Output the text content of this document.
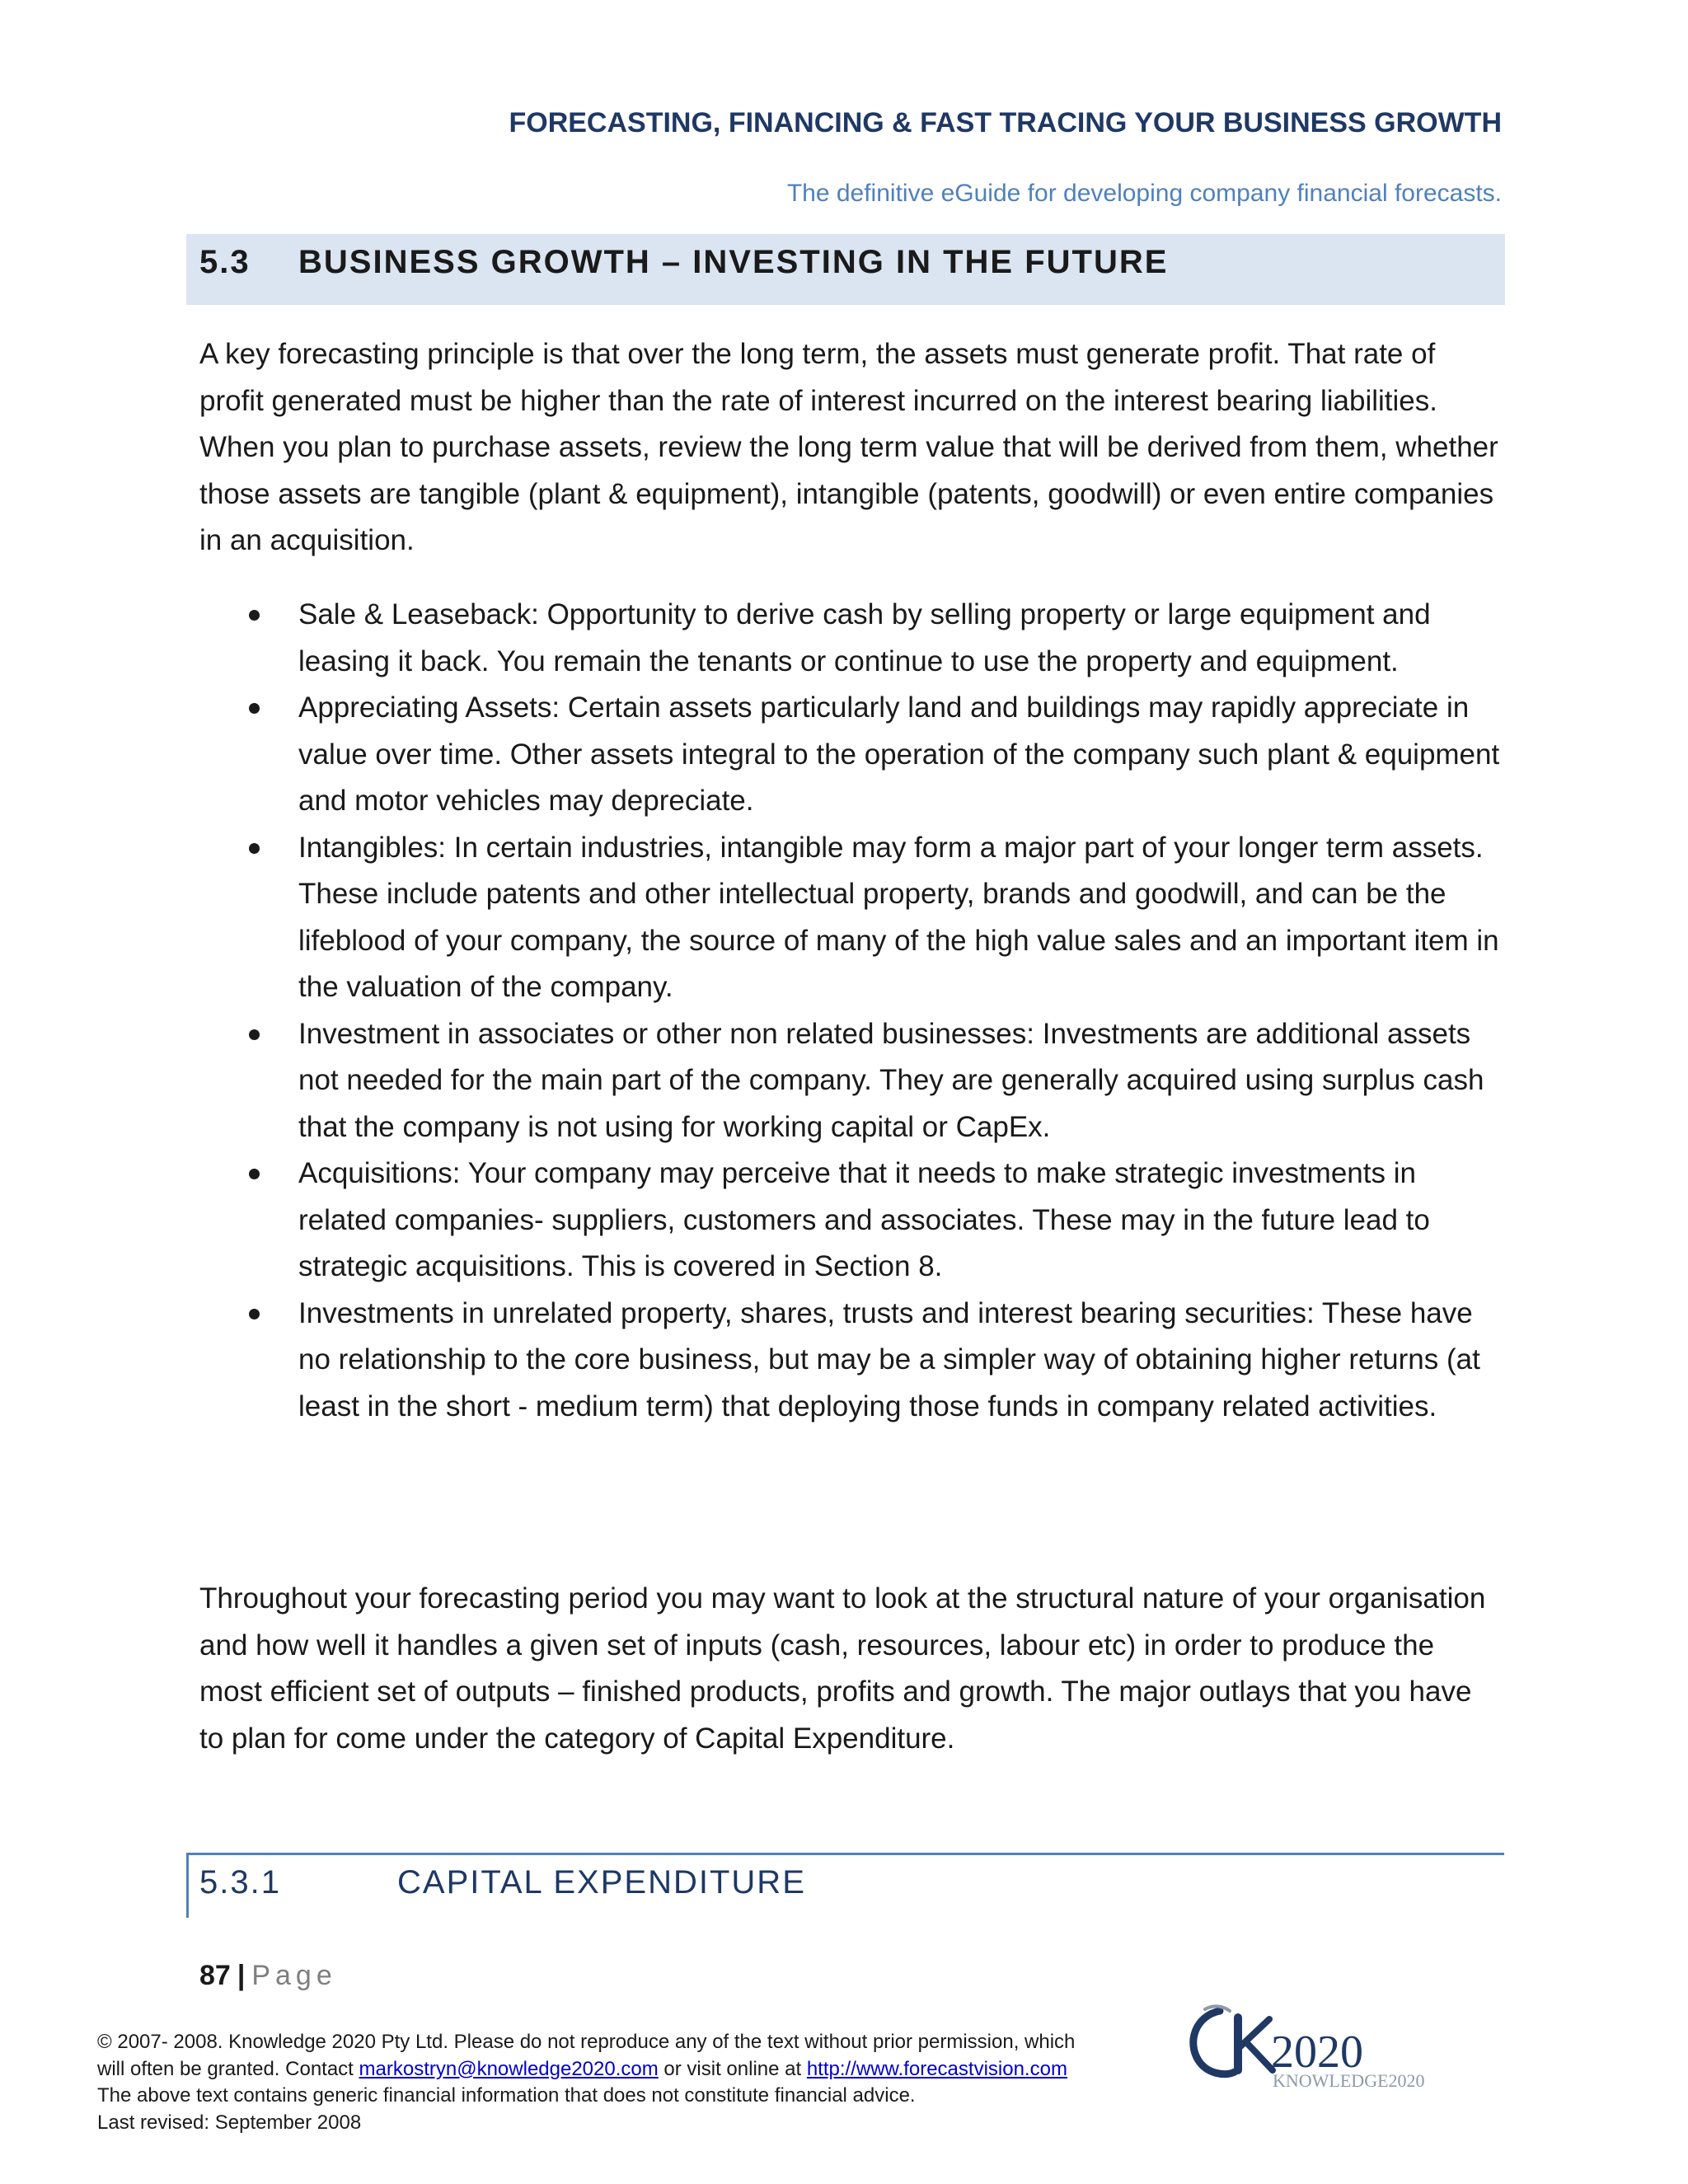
FORECASTING, FINANCING & FAST TRACING YOUR BUSINESS GROWTH
The definitive eGuide for developing company financial forecasts.
5.3 BUSINESS GROWTH – INVESTING IN THE FUTURE

A key forecasting principle is that over the long term, the assets must generate profit. That rate of profit generated must be higher than the rate of interest incurred on the interest bearing liabilities. When you plan to purchase assets, review the long term value that will be derived from them, whether those assets are tangible (plant & equipment), intangible (patents, goodwill) or even entire companies in an acquisition.

Sale & Leaseback: Opportunity to derive cash by selling property or large equipment and leasing it back. You remain the tenants or continue to use the property and equipment.
Appreciating Assets: Certain assets particularly land and buildings may rapidly appreciate in value over time. Other assets integral to the operation of the company such plant & equipment and motor vehicles may depreciate.
Intangibles: In certain industries, intangible may form a major part of your longer term assets. These include patents and other intellectual property, brands and goodwill, and can be the lifeblood of your company, the source of many of the high value sales and an important item in the valuation of the company.
Investment in associates or other non related businesses: Investments are additional assets not needed for the main part of the company. They are generally acquired using surplus cash that the company is not using for working capital or CapEx.
Acquisitions: Your company may perceive that it needs to make strategic investments in related companies- suppliers, customers and associates. These may in the future lead to strategic acquisitions. This is covered in Section 8.
Investments in unrelated property, shares, trusts and interest bearing securities: These have no relationship to the core business, but may be a simpler way of obtaining higher returns (at least in the short - medium term) that deploying those funds in company related activities.

Throughout your forecasting period you may want to look at the structural nature of your organisation and how well it handles a given set of inputs (cash, resources, labour etc) in order to produce the most efficient set of outputs – finished products, profits and growth. The major outlays that you have to plan for come under the category of Capital Expenditure.

5.3.1	CAPITAL EXPENDITURE
87 | Page
© 2007- 2008. Knowledge 2020 Pty Ltd. Please do not reproduce any of the text without prior permission, which
will often be granted. Contact markostryn@knowledge2020.com or visit online at http://www.forecastvision.com
The above text contains generic financial information that does not constitute financial advice.
Last revised: September 2008
2020
KNOWLEDGE2020
